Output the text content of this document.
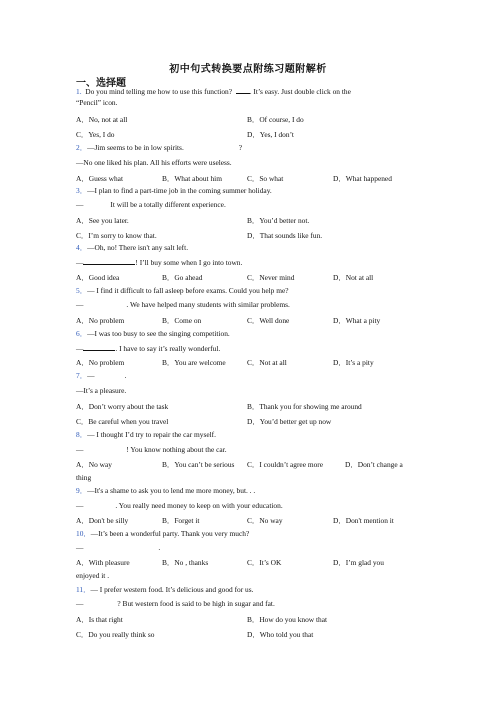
初中句式转换要点附练习题附解析
一、选择题
1. Do you mind telling me how to use this function? . It’s easy. Just double click on the
“Pencil” icon.
A．No, not at all	B．Of course, I do
C．Yes, I do	D．Yes, I don’t
2．—Jim seems to be in low spirits.	?
—No one liked his plan. All his efforts were useless.
A．Guess what	B．What about him	C．So what	D．What happened
3．—I plan to find a part-time job in the coming summer holiday.
—	It will be a totally different experience.
A．See you later.	B．You’d better not.
C．I’m sorry to know that.	D．That sounds like fun.
4．—Oh, no! There isn't any salt left.
—	! I’ll buy some when I go into town.
A．Good idea	B．Go ahead	C．Never mind	D．Not at all
5．— I find it difficult to fall asleep before exams. Could you help me?
—	. We have helped many students with similar problems.
A．No problem	B．Come on	C．Well done	D．What a pity
6．—I was too busy to see the singing competition.
—	. I have to say it’s really wonderful.
A．No problem	B．You are welcome	C．Not at all	D．It’s a pity
7．—	.
—It’s a pleasure.
A．Don’t worry about the task	B．Thank you for showing me around
C．Be careful when you travel	D．You’d better get up now
8．— I thought I’d try to repair the car myself.
—	! You know nothing about the car.
A．No way	B．You can’t be serious C．I couldn’t agree more	D．Don’t change a
thing
9．—It's a shame to ask you to lend me more money, but. . .
—	. You really need money to keep on with your education.
A．Don't be silly	B．Forget it	C．No way	D．Don't mention it
10．—It’s been a wonderful party. Thank you very much?
—	.
A．With pleasure	B．No , thanks	C．It’s OK	D．I’m glad you
enjoyed it .
11．— I prefer western food. It’s delicious and good for us.
—	? But western food is said to be high in sugar and fat.
A．Is that right	B．How do you know that
C．Do you really think so	D．Who told you that
